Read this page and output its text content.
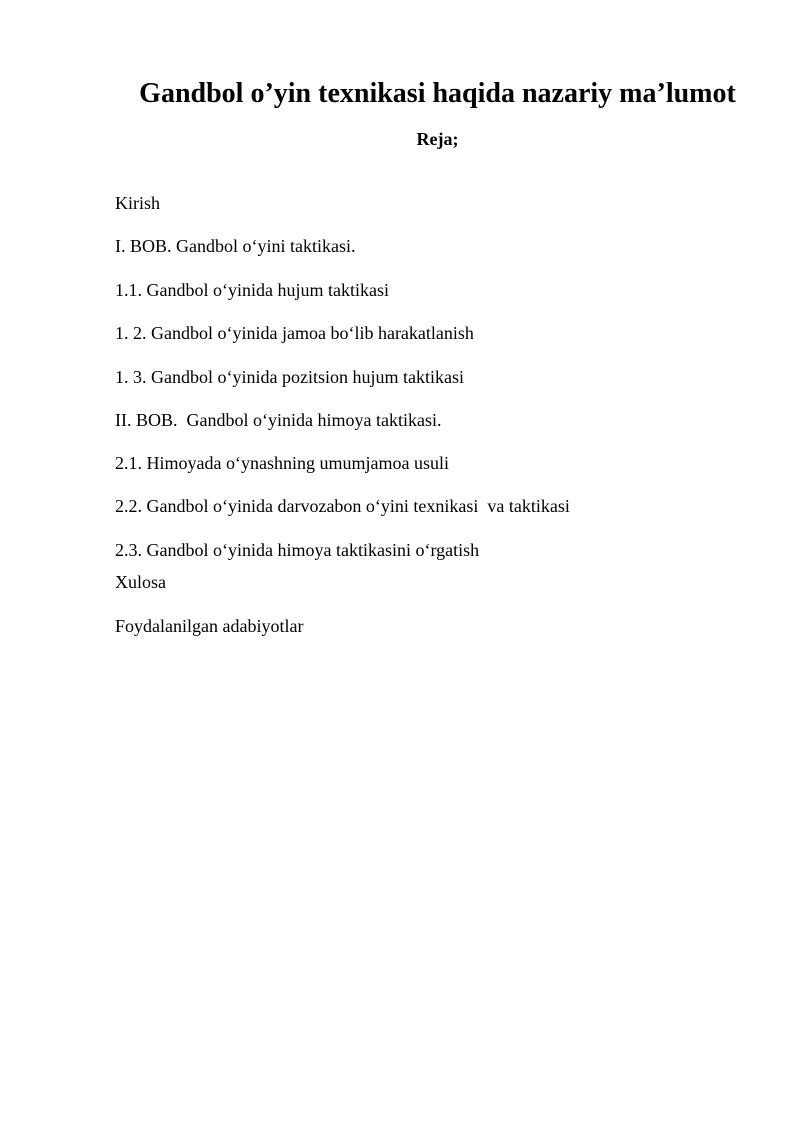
Gandbol o’yin texnikasi haqida nazariy ma’lumot
Reja;
Kirish
I. BOB. Gandbol o‘yini taktikasi.
1.1. Gandbol o‘yinida hujum taktikasi
1. 2. Gandbol o‘yinida jamoa bo‘lib harakatlanish
1. 3. Gandbol o‘yinida pozitsion hujum taktikasi
II. BOB.  Gandbol o‘yinida himoya taktikasi.
2.1. Himoyada o‘ynashning umumjamoa usuli
2.2. Gandbol o‘yinida darvozabon o‘yini texnikasi  va taktikasi
2.3. Gandbol o‘yinida himoya taktikasini o‘rgatish
Xulosa
Foydalanilgan adabiyotlar
